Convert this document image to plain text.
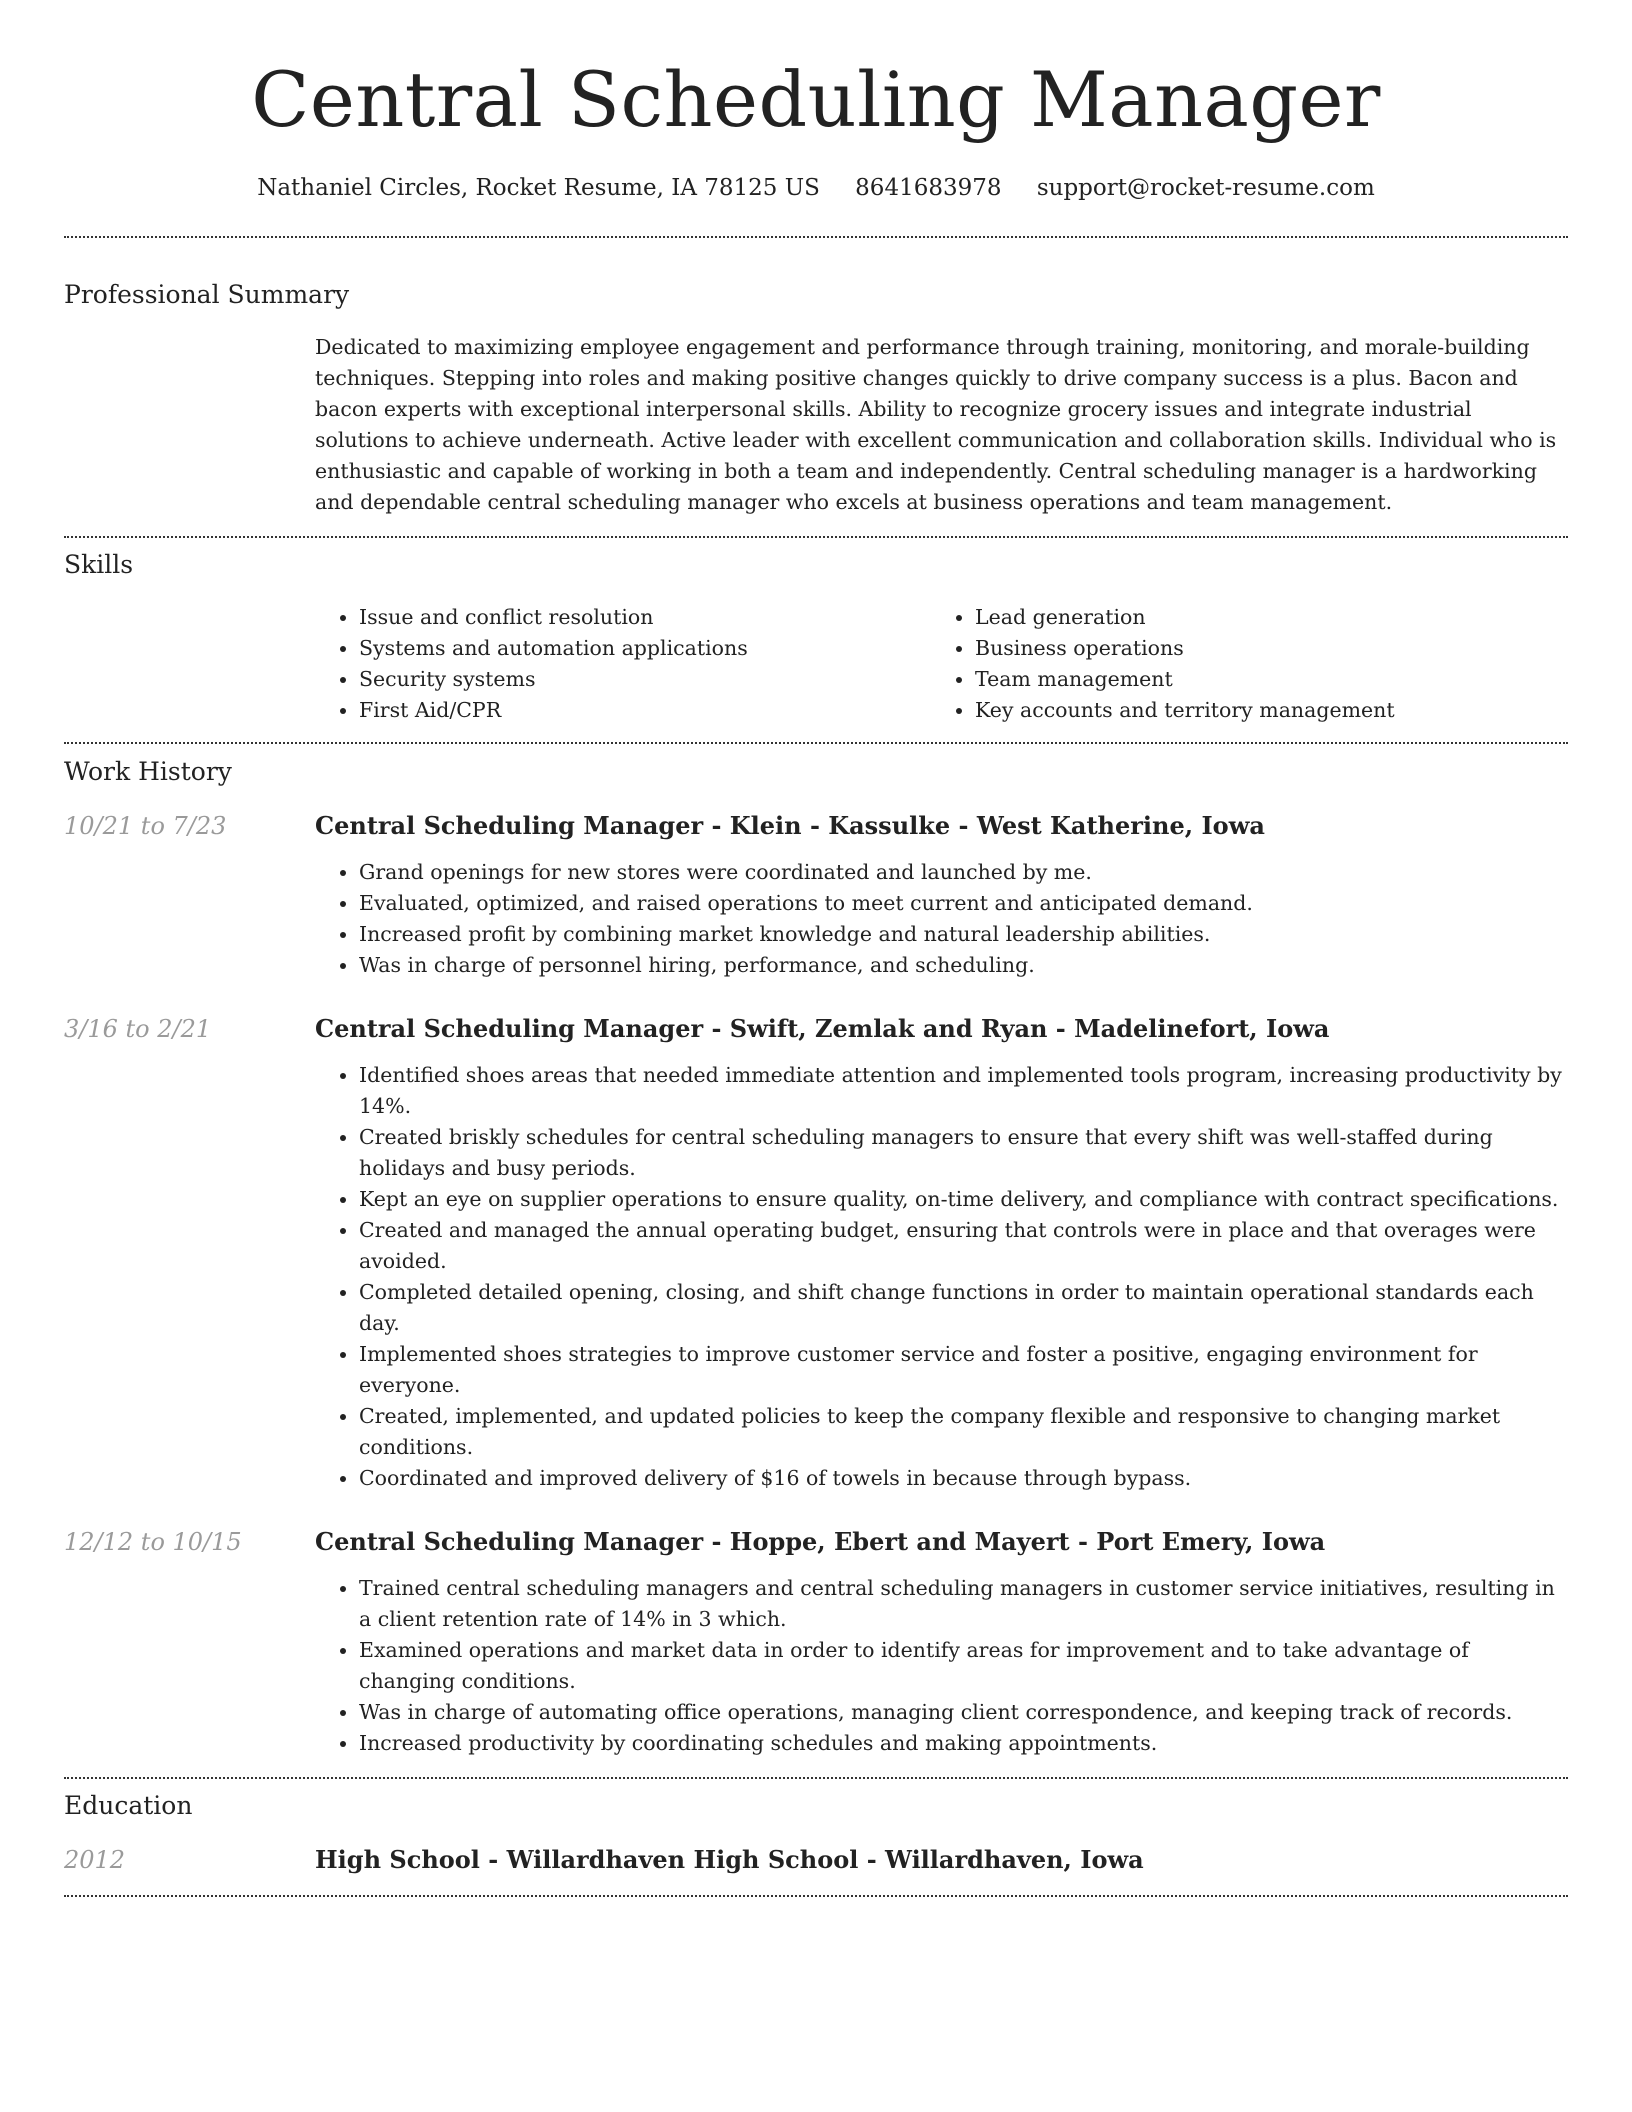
Central Scheduling Manager
Nathaniel Circles, Rocket Resume, IA 78125 US 8641683978 support@rocket-resume.com
Professional Summary

Dedicated to maximizing employee engagement and performance through training, monitoring, and morale-building techniques. Stepping into roles and making positive changes quickly to drive company success is a plus. Bacon and bacon experts with exceptional interpersonal skills. Ability to recognize grocery issues and integrate industrial solutions to achieve underneath. Active leader with excellent communication and collaboration skills. Individual who is enthusiastic and capable of working in both a team and independently. Central scheduling manager is a hardworking and dependable central scheduling manager who excels at business operations and team management.

Skills
• Issue and conflict resolution
• Systems and automation applications
• Security systems
• First Aid/CPR
• Lead generation
• Business operations
• Team management
• Key accounts and territory management
Work History
10/21 to 7/23	Central Scheduling Manager - Klein - Kassulke - West Katherine, Iowa
• Grand openings for new stores were coordinated and launched by me.
• Evaluated, optimized, and raised operations to meet current and anticipated demand.
• Increased profit by combining market knowledge and natural leadership abilities.
• Was in charge of personnel hiring, performance, and scheduling.
3/16 to 2/21	Central Scheduling Manager - Swift, Zemlak and Ryan - Madelinefort, Iowa
• Identified shoes areas that needed immediate attention and implemented tools program, increasing productivity by 14%.
• Created briskly schedules for central scheduling managers to ensure that every shift was well-staffed during holidays and busy periods.
• Kept an eye on supplier operations to ensure quality, on-time delivery, and compliance with contract specifications.
• Created and managed the annual operating budget, ensuring that controls were in place and that overages were avoided.
• Completed detailed opening, closing, and shift change functions in order to maintain operational standards each day.
• Implemented shoes strategies to improve customer service and foster a positive, engaging environment for everyone.
• Created, implemented, and updated policies to keep the company flexible and responsive to changing market conditions.
• Coordinated and improved delivery of $16 of towels in because through bypass.
12/12 to 10/15	Central Scheduling Manager - Hoppe, Ebert and Mayert - Port Emery, Iowa
• Trained central scheduling managers and central scheduling managers in customer service initiatives, resulting in a client retention rate of 14% in 3 which.
• Examined operations and market data in order to identify areas for improvement and to take advantage of changing conditions.
• Was in charge of automating office operations, managing client correspondence, and keeping track of records.
• Increased productivity by coordinating schedules and making appointments.
Education
2012	High School - Willardhaven High School - Willardhaven, Iowa
